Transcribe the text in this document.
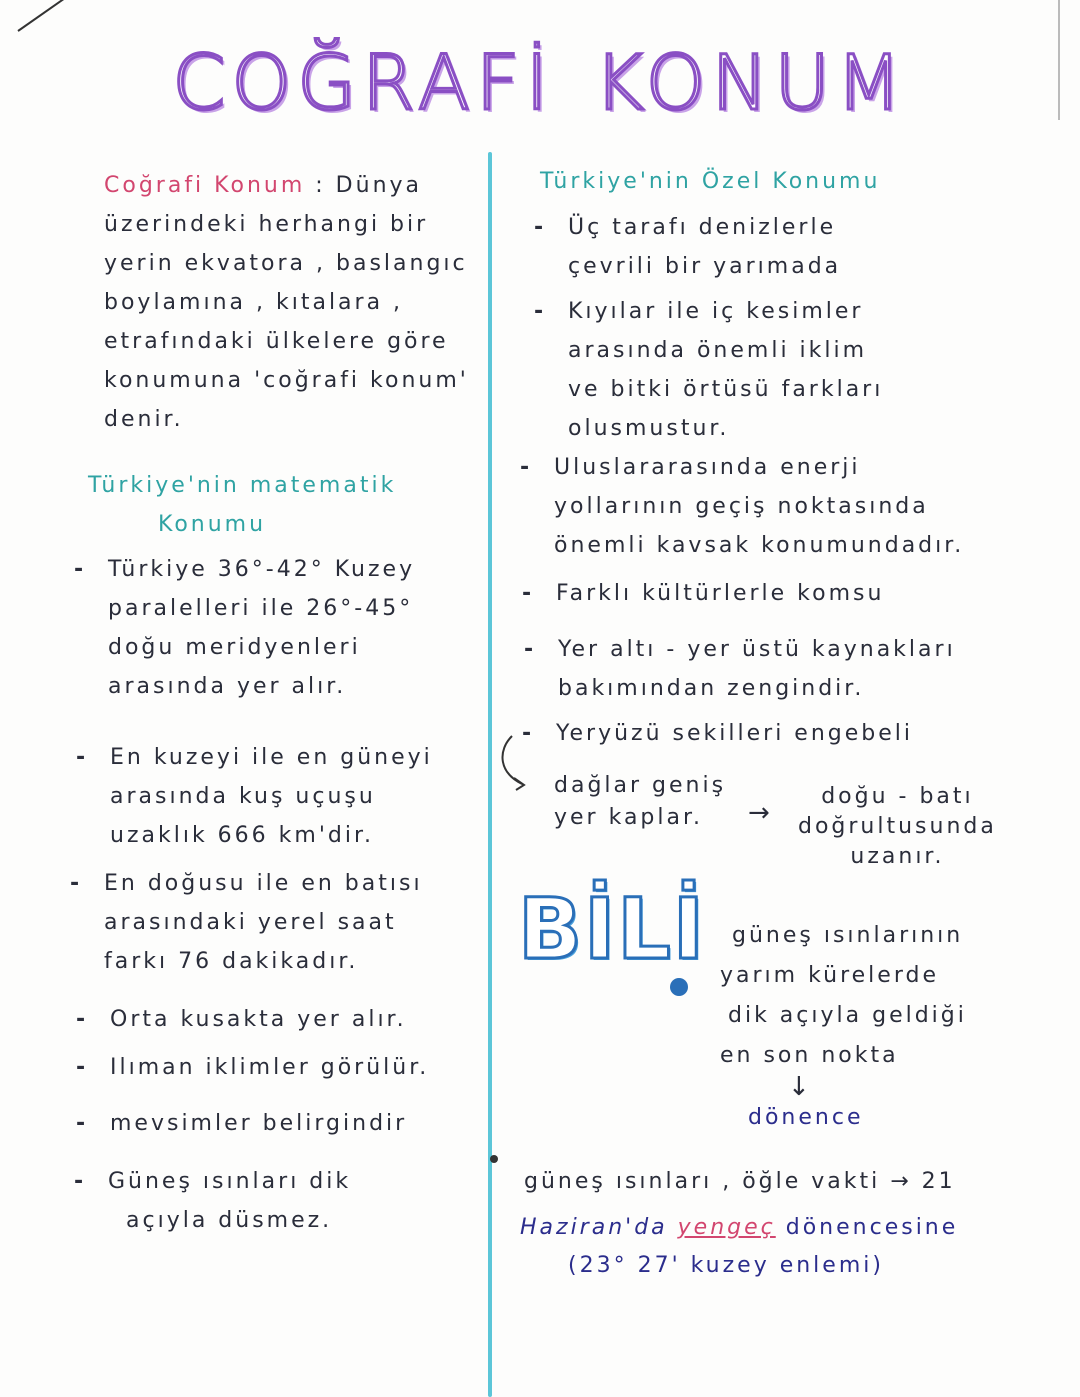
COĞRAFİ KONUM
Coğrafi Konum : Dünya
üzerindeki herhangi bir
yerin ekvatora , baslangıc
boylamına , kıtalara ,
etrafındaki ülkelere göre
konumuna 'coğrafi konum'
denir.
Türkiye'nin matematik
Konumu
- Türkiye 36°-42° Kuzey
paralelleri ile 26°-45°
doğu meridyenleri
arasında yer alır.
- En kuzeyi ile en güneyi
arasında kuş uçuşu
uzaklık 666 km'dir.
- En doğusu ile en batısı
arasındaki yerel saat
farkı 76 dakikadır.
- Orta kusakta yer alır.
- Ilıman iklimler görülür.
- mevsimler belirgindir
- Güneş ısınları dik
açıyla düsmez.
Türkiye'nin Özel Konumu
- Üç tarafı denizlerle
çevrili bir yarımada
- Kıyılar ile iç kesimler
arasında önemli iklim
ve bitki örtüsü farkları
olusmustur.
- Uluslararasında enerji
yollarının geçiş noktasında
önemli kavsak konumundadır.
- Farklı kültürlerle komsu
- Yer altı - yer üstü kaynakları
bakımından zengindir.
- Yeryüzü sekilleri engebeli
dağlar geniş
yer kaplar.	→
doğu - batı
doğrultusunda
uzanır.
BİLİ	güneş ısınlarının
yarım kürelerde
dik açıyla geldiği
en son nokta
↓
dönence
güneş ısınları , öğle vakti → 21
Haziran'da yengeç dönencesine
(23° 27' kuzey enlemi)
